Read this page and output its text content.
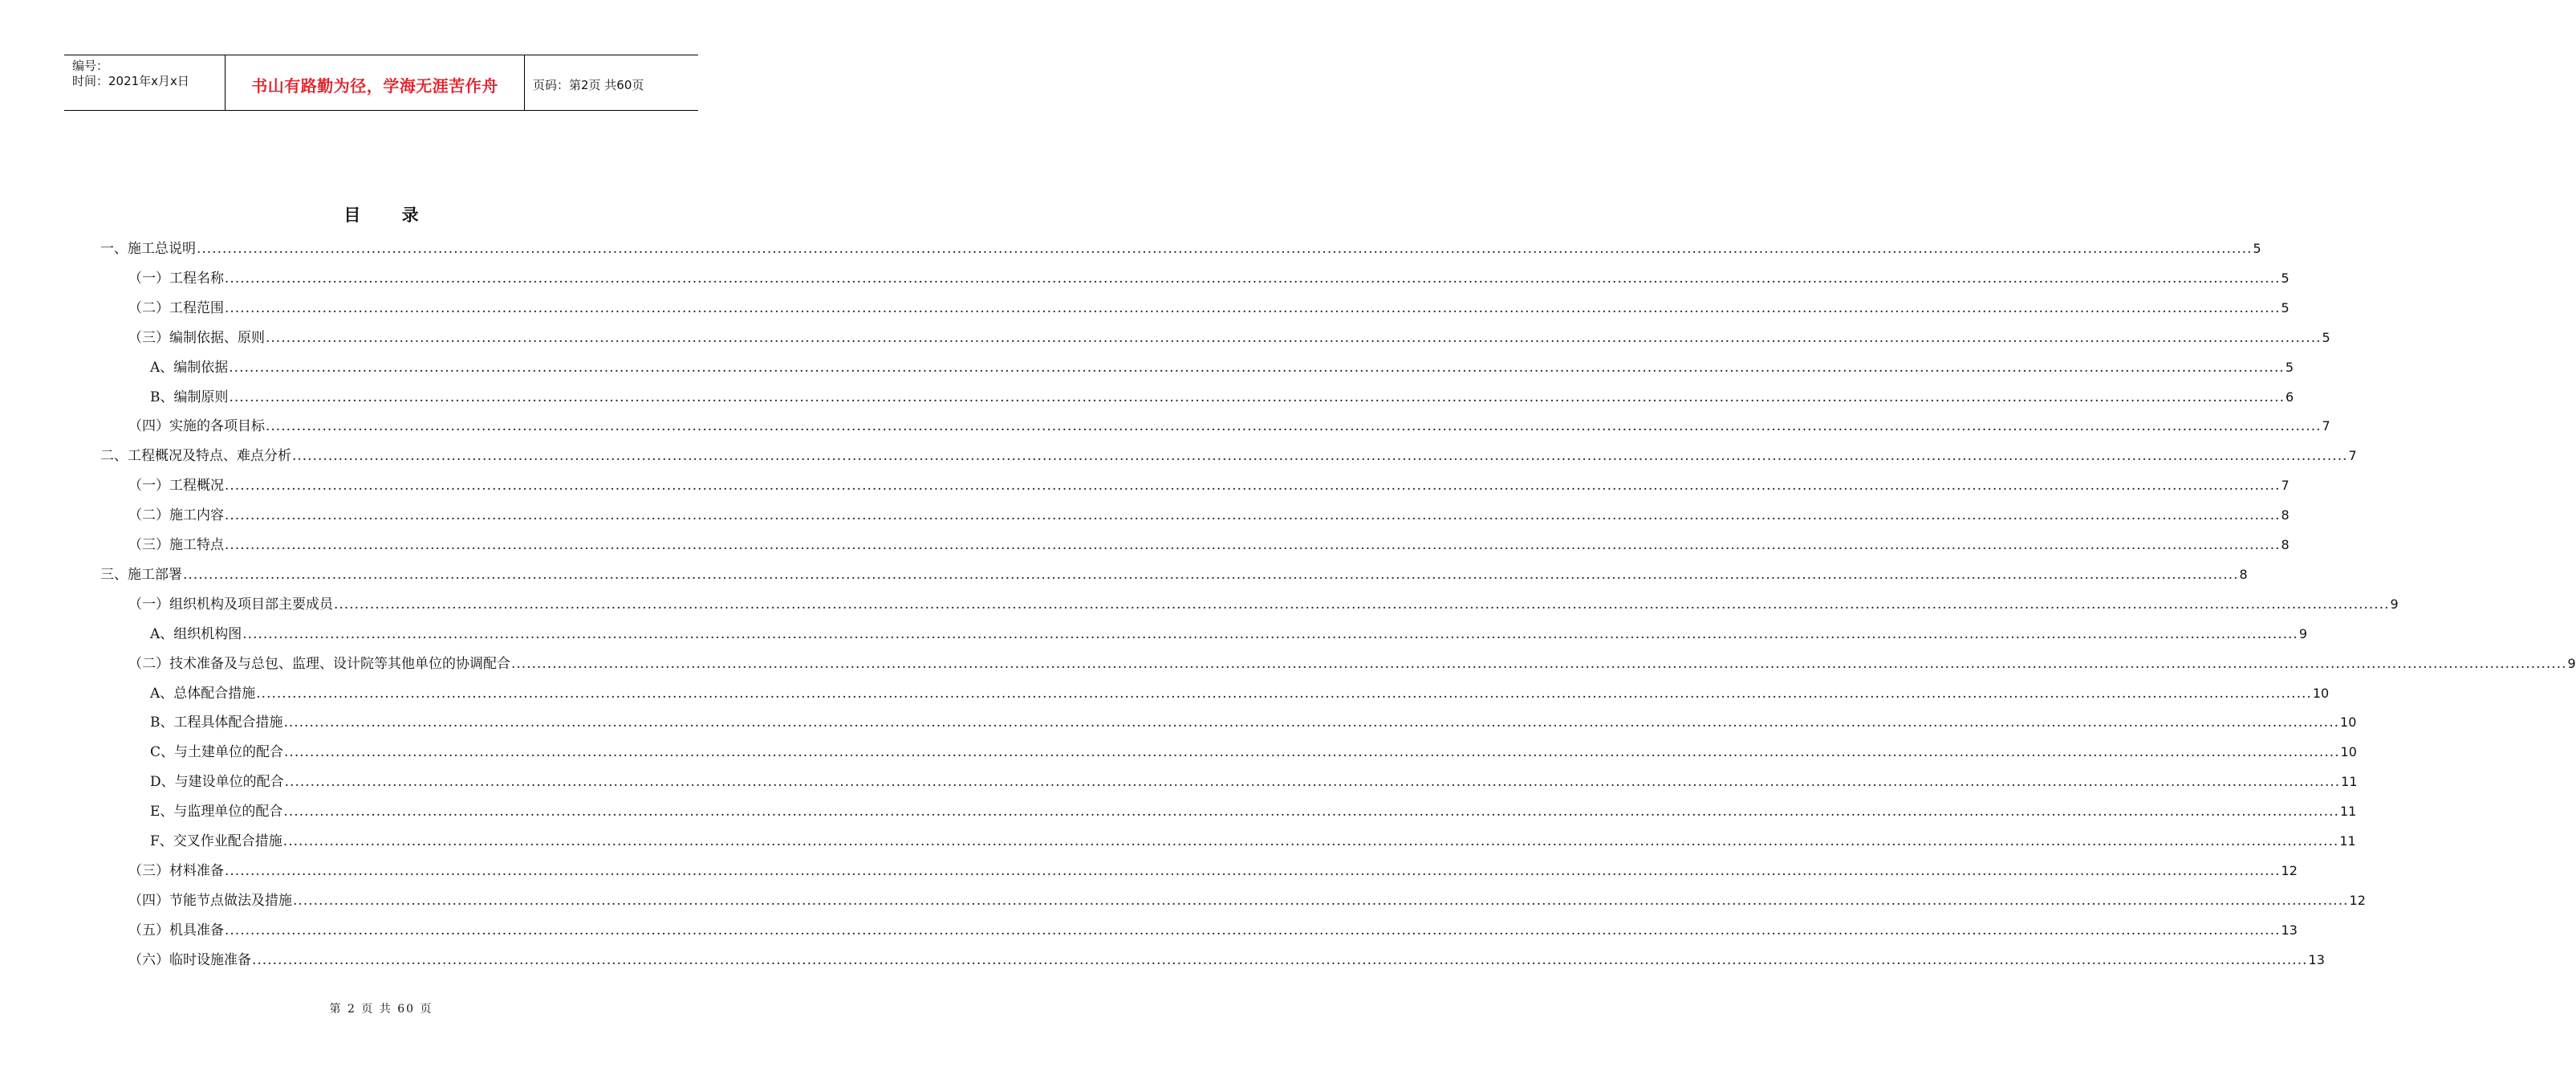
编号：
时间：2021年x月x日	书山有路勤为径，学海无涯苦作舟	页码：第2页 共60页
目 录
一、施工总说明 ................................................................................................................................................................................................................................................................................................................................................................................................................ 5
（一）工程名称 ................................................................................................................................................................................................................................................................................................................................................................................................................ 5
（二）工程范围 ................................................................................................................................................................................................................................................................................................................................................................................................................ 5
（三）编制依据、原则 ................................................................................................................................................................................................................................................................................................................................................................................................................ 5
A、编制依据 ................................................................................................................................................................................................................................................................................................................................................................................................................ 5
B、编制原则 ................................................................................................................................................................................................................................................................................................................................................................................................................ 6
（四）实施的各项目标 ................................................................................................................................................................................................................................................................................................................................................................................................................ 7
二、工程概况及特点、难点分析 ................................................................................................................................................................................................................................................................................................................................................................................................................ 7
（一）工程概况 ................................................................................................................................................................................................................................................................................................................................................................................................................ 7
（二）施工内容 ................................................................................................................................................................................................................................................................................................................................................................................................................ 8
（三）施工特点 ................................................................................................................................................................................................................................................................................................................................................................................................................ 8
三、施工部署 ................................................................................................................................................................................................................................................................................................................................................................................................................ 8
（一）组织机构及项目部主要成员 ................................................................................................................................................................................................................................................................................................................................................................................................................ 9
A、组织机构图 ................................................................................................................................................................................................................................................................................................................................................................................................................ 9
（二）技术准备及与总包、监理、设计院等其他单位的协调配合 ................................................................................................................................................................................................................................................................................................................................................................................................................ 9
A、总体配合措施 ................................................................................................................................................................................................................................................................................................................................................................................................................ 10
B、工程具体配合措施 ................................................................................................................................................................................................................................................................................................................................................................................................................ 10
C、与土建单位的配合 ................................................................................................................................................................................................................................................................................................................................................................................................................ 10
D、与建设单位的配合 ................................................................................................................................................................................................................................................................................................................................................................................................................ 11
E、与监理单位的配合 ................................................................................................................................................................................................................................................................................................................................................................................................................ 11
F、交叉作业配合措施 ................................................................................................................................................................................................................................................................................................................................................................................................................ 11
（三）材料准备 ................................................................................................................................................................................................................................................................................................................................................................................................................ 12
（四）节能节点做法及措施 ................................................................................................................................................................................................................................................................................................................................................................................................................ 12
（五）机具准备 ................................................................................................................................................................................................................................................................................................................................................................................................................ 13
（六）临时设施准备 ................................................................................................................................................................................................................................................................................................................................................................................................................ 13
第 2 页 共 60 页
